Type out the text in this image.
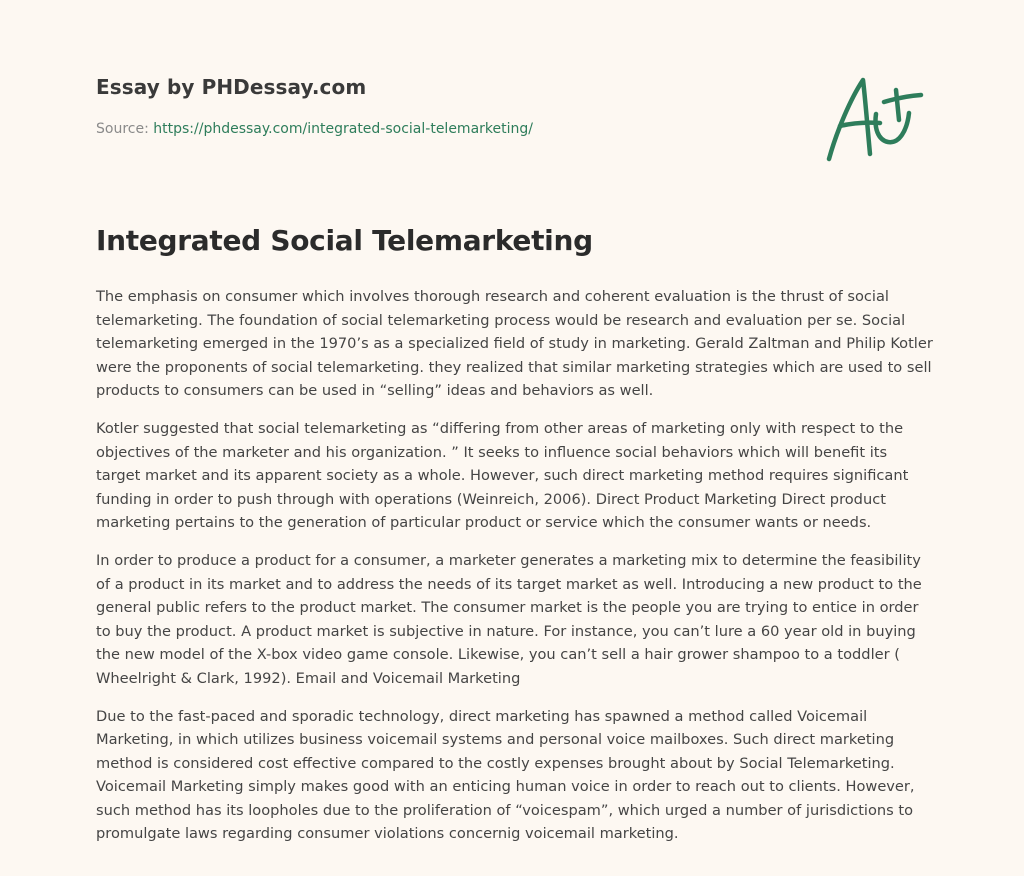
Essay by PHDessay.com
Source: https://phdessay.com/integrated-social-telemarketing/
Integrated Social Telemarketing

The emphasis on consumer which involves thorough research and coherent evaluation is the thrust of social telemarketing. The foundation of social telemarketing process would be research and evaluation per se. Social telemarketing emerged in the 1970’s as a specialized field of study in marketing. Gerald Zaltman and Philip Kotler were the proponents of social telemarketing. they realized that similar marketing strategies which are used to sell products to consumers can be used in “selling” ideas and behaviors as well.

Kotler suggested that social telemarketing as “differing from other areas of marketing only with respect to the objectives of the marketer and his organization. ” It seeks to influence social behaviors which will benefit its target market and its apparent society as a whole. However, such direct marketing method requires significant funding in order to push through with operations (Weinreich, 2006). Direct Product Marketing Direct product marketing pertains to the generation of particular product or service which the consumer wants or needs.

In order to produce a product for a consumer, a marketer generates a marketing mix to determine the feasibility of a product in its market and to address the needs of its target market as well. Introducing a new product to the general public refers to the product market. The consumer market is the people you are trying to entice in order to buy the product. A product market is subjective in nature. For instance, you can’t lure a 60 year old in buying the new model of the X-box video game console. Likewise, you can’t sell a hair grower shampoo to a toddler ( Wheelright & Clark, 1992). Email and Voicemail Marketing

Due to the fast-paced and sporadic technology, direct marketing has spawned a method called Voicemail Marketing, in which utilizes business voicemail systems and personal voice mailboxes. Such direct marketing method is considered cost effective compared to the costly expenses brought about by Social Telemarketing. Voicemail Marketing simply makes good with an enticing human voice in order to reach out to clients. However, such method has its loopholes due to the proliferation of “voicespam”, which urged a number of jurisdictions to promulgate laws regarding consumer violations concernig voicemail marketing.
